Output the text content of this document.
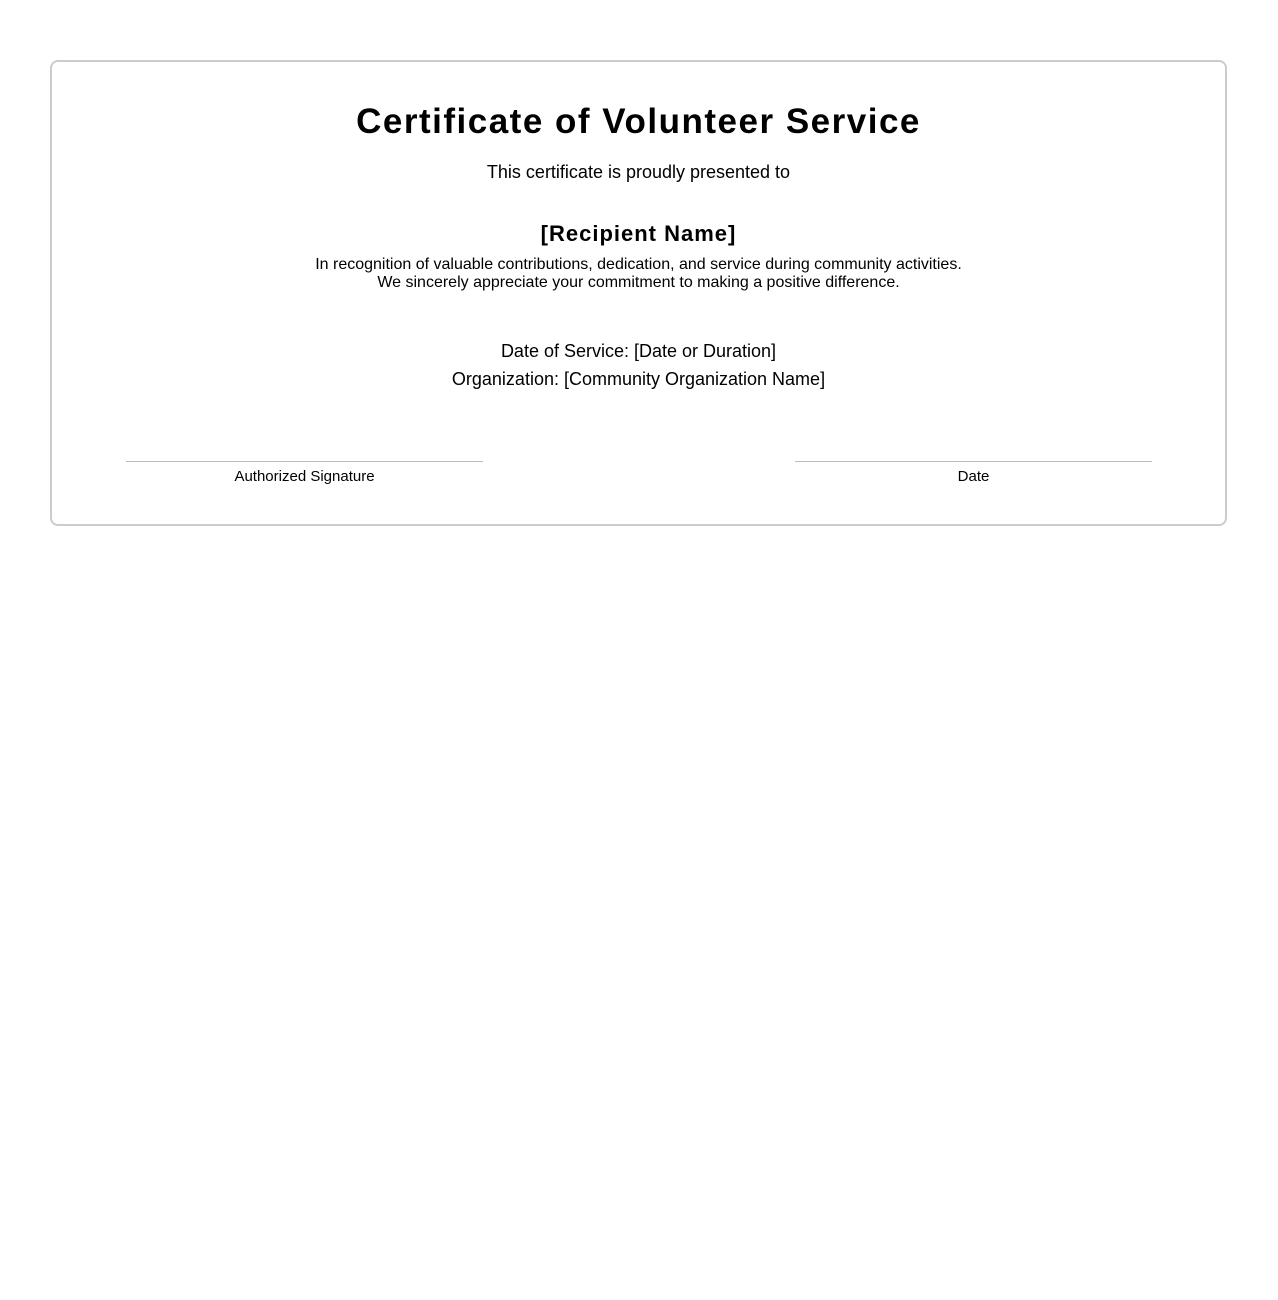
Certificate of Volunteer Service
This certificate is proudly presented to
[Recipient Name]
In recognition of valuable contributions, dedication, and service during community activities.
We sincerely appreciate your commitment to making a positive difference.
Date of Service: [Date or Duration]
Organization: [Community Organization Name]
Authorized Signature	Date
